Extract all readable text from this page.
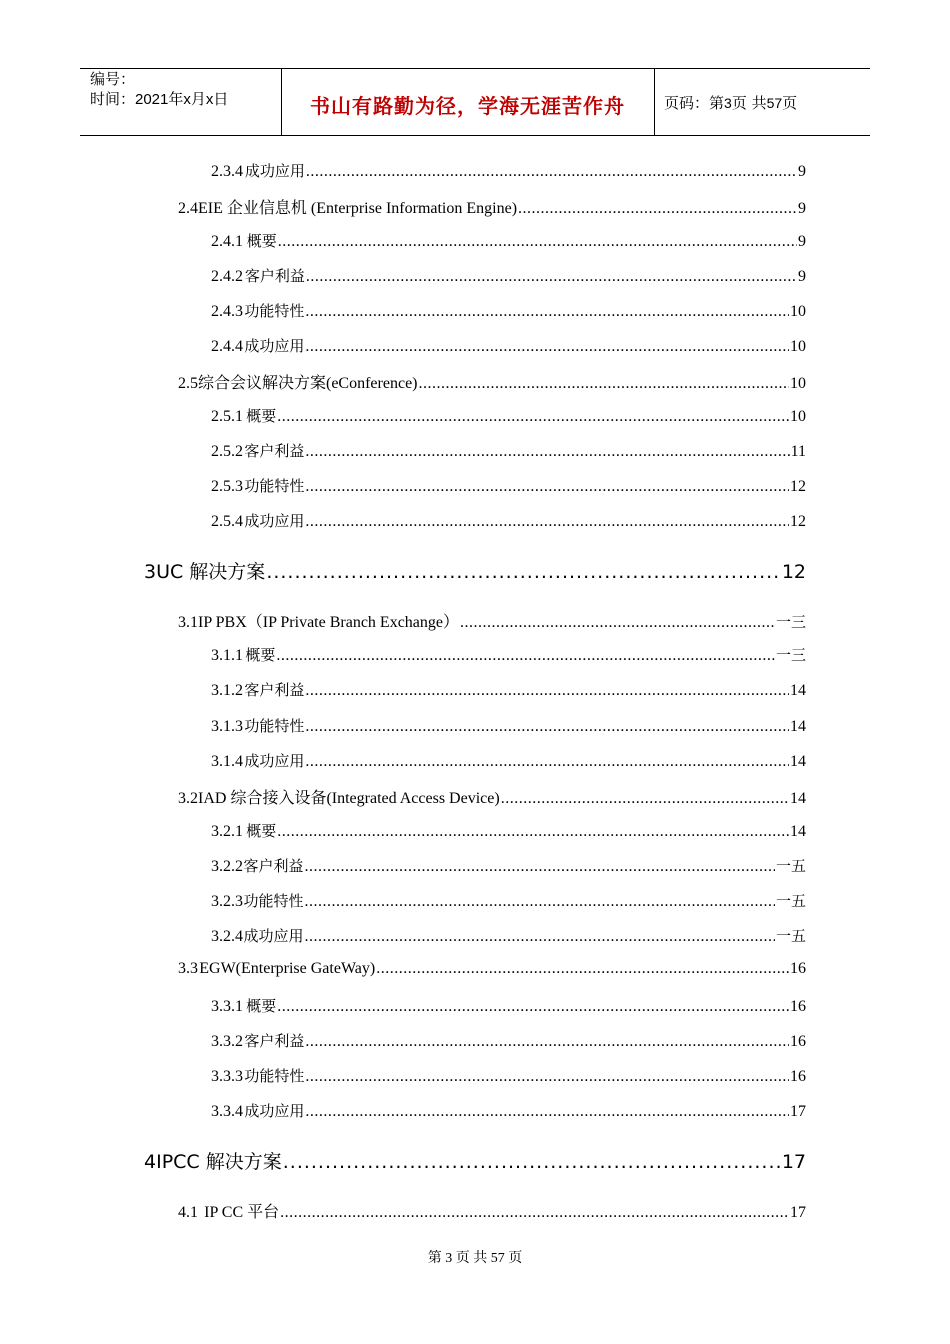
编号：
时间：2021年x月x日	书山有路勤为径，学海无涯苦作舟	页码：第3页 共57页
2.3.4 成功应用 .....	9
2.4 EIE 企业信息机 (Enterprise Information Engine) .....	9
2.4.1 概要 .....	9
2.4.2 客户利益 .....	9
2.4.3 功能特性 .....	10
2.4.4 成功应用 .....	10
2.5 综合会议解决方案(eConference) .....	10
2.5.1 概要 .....	10
2.5.2 客户利益 .....	11
2.5.3 功能特性 .....	12
2.5.4 成功应用 .....	12
3 UC 解决方案 .....	12
3.1 IP PBX（IP Private Branch Exchange） .....	一三
3.1.1 概要 .....	一三
3.1.2 客户利益 .....	14
3.1.3 功能特性 .....	14
3.1.4 成功应用 .....	14
3.2 IAD 综合接入设备(Integrated Access Device) .....	14
3.2.1 概要 .....	14
3.2.2 客户利益 .....	一五
3.2.3 功能特性 .....	一五
3.2.4 成功应用 .....	一五
3.3 EGW(Enterprise GateWay) .....	16
3.3.1 概要 .....	16
3.3.2 客户利益 .....	16
3.3.3 功能特性 .....	16
3.3.4 成功应用 .....	17
4 IPCC 解决方案 .....	17
4.1 IP CC 平台 .....	17
第 3 页 共 57 页
